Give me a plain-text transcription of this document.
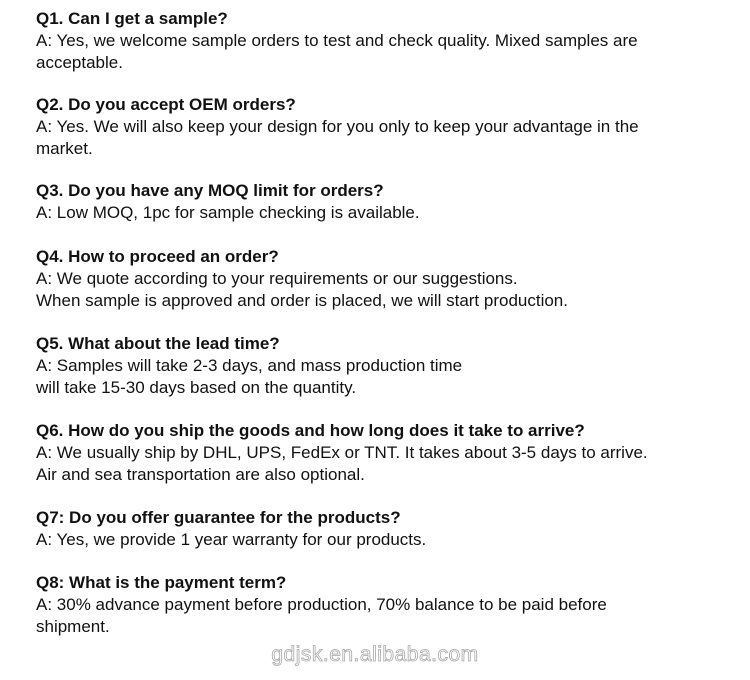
Q1. Can I get a sample?
A: Yes, we welcome sample orders to test and check quality. Mixed samples are
acceptable.
Q2. Do you accept OEM orders?
A: Yes. We will also keep your design for you only to keep your advantage in the
market.
Q3. Do you have any MOQ limit for orders?
A: Low MOQ, 1pc for sample checking is available.
Q4. How to proceed an order?
A: We quote according to your requirements or our suggestions.
When sample is approved and order is placed, we will start production.
Q5. What about the lead time?
A: Samples will take 2-3 days, and mass production time
will take 15-30 days based on the quantity.
Q6. How do you ship the goods and how long does it take to arrive?
A: We usually ship by DHL, UPS, FedEx or TNT. It takes about 3-5 days to arrive.
Air and sea transportation are also optional.
Q7: Do you offer guarantee for the products?
A: Yes, we provide 1 year warranty for our products.
Q8: What is the payment term?
A: 30% advance payment before production, 70% balance to be paid before
shipment.
gdjsk.en.alibaba.com
